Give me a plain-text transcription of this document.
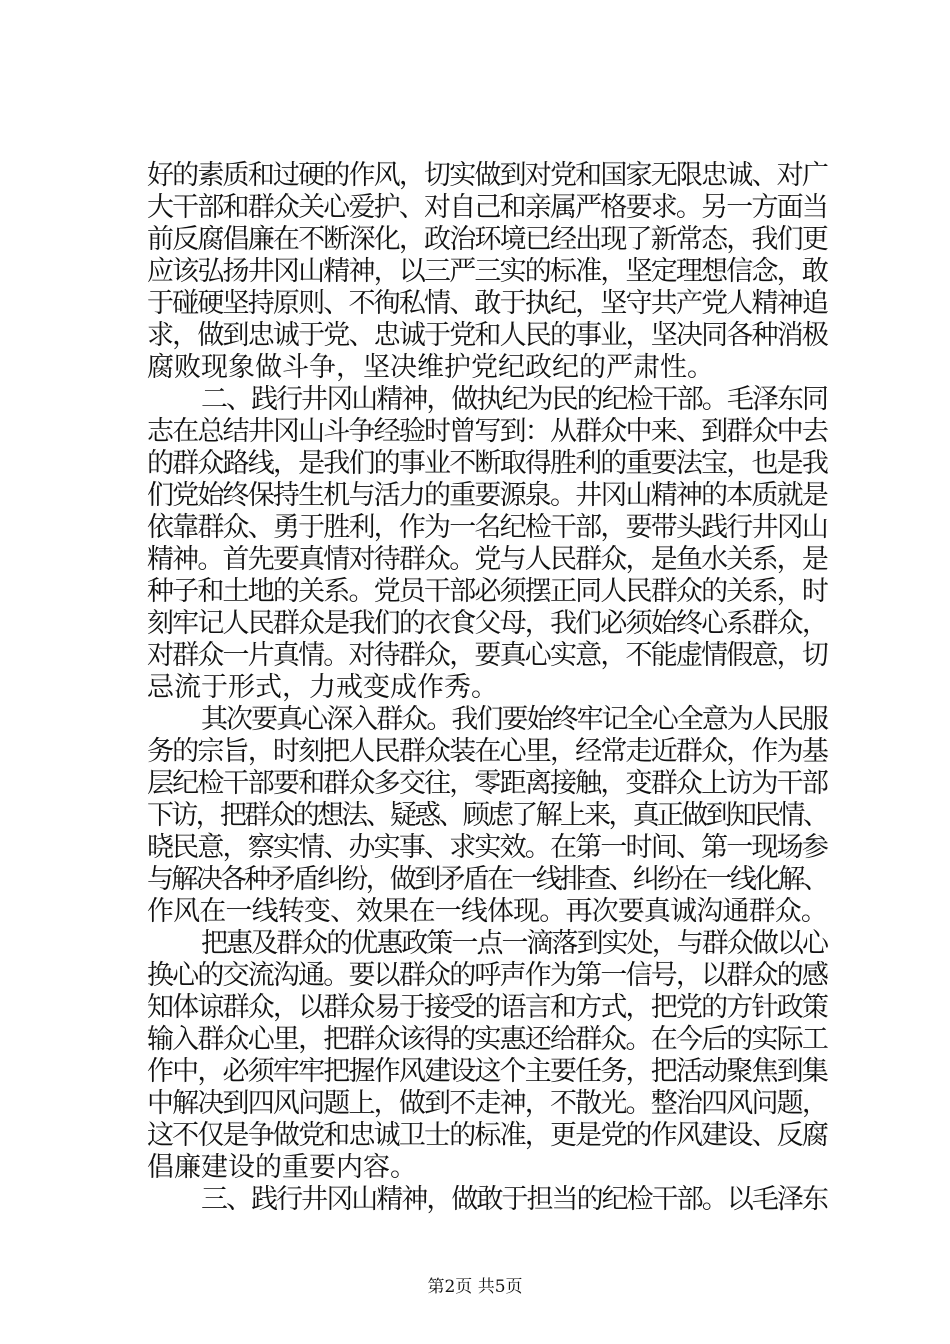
好的素质和过硬的作风，切实做到对党和国家无限忠诚、对广
大干部和群众关心爱护、对自己和亲属严格要求。另一方面当
前反腐倡廉在不断深化，政治环境已经出现了新常态，我们更
应该弘扬井冈山精神，以三严三实的标准，坚定理想信念，敢
于碰硬坚持原则、不徇私情、敢于执纪，坚守共产党人精神追
求，做到忠诚于党、忠诚于党和人民的事业，坚决同各种消极
腐败现象做斗争，坚决维护党纪政纪的严肃性。
二、践行井冈山精神，做执纪为民的纪检干部。毛泽东同
志在总结井冈山斗争经验时曾写到：从群众中来、到群众中去
的群众路线，是我们的事业不断取得胜利的重要法宝，也是我
们党始终保持生机与活力的重要源泉。井冈山精神的本质就是
依靠群众、勇于胜利，作为一名纪检干部，要带头践行井冈山
精神。首先要真情对待群众。党与人民群众，是鱼水关系，是
种子和土地的关系。党员干部必须摆正同人民群众的关系，时
刻牢记人民群众是我们的衣食父母，我们必须始终心系群众，
对群众一片真情。对待群众，要真心实意，不能虚情假意，切
忌流于形式，力戒变成作秀。
其次要真心深入群众。我们要始终牢记全心全意为人民服
务的宗旨，时刻把人民群众装在心里，经常走近群众，作为基
层纪检干部要和群众多交往，零距离接触，变群众上访为干部
下访，把群众的想法、疑惑、顾虑了解上来，真正做到知民情、
晓民意，察实情、办实事、求实效。在第一时间、第一现场参
与解决各种矛盾纠纷，做到矛盾在一线排查、纠纷在一线化解、
作风在一线转变、效果在一线体现。再次要真诚沟通群众。
把惠及群众的优惠政策一点一滴落到实处，与群众做以心
换心的交流沟通。要以群众的呼声作为第一信号，以群众的感
知体谅群众，以群众易于接受的语言和方式，把党的方针政策
输入群众心里，把群众该得的实惠还给群众。在今后的实际工
作中，必须牢牢把握作风建设这个主要任务，把活动聚焦到集
中解决到四风问题上，做到不走神，不散光。整治四风问题，
这不仅是争做党和忠诚卫士的标准，更是党的作风建设、反腐
倡廉建设的重要内容。
三、践行井冈山精神，做敢于担当的纪检干部。以毛泽东
第2页 共5页
